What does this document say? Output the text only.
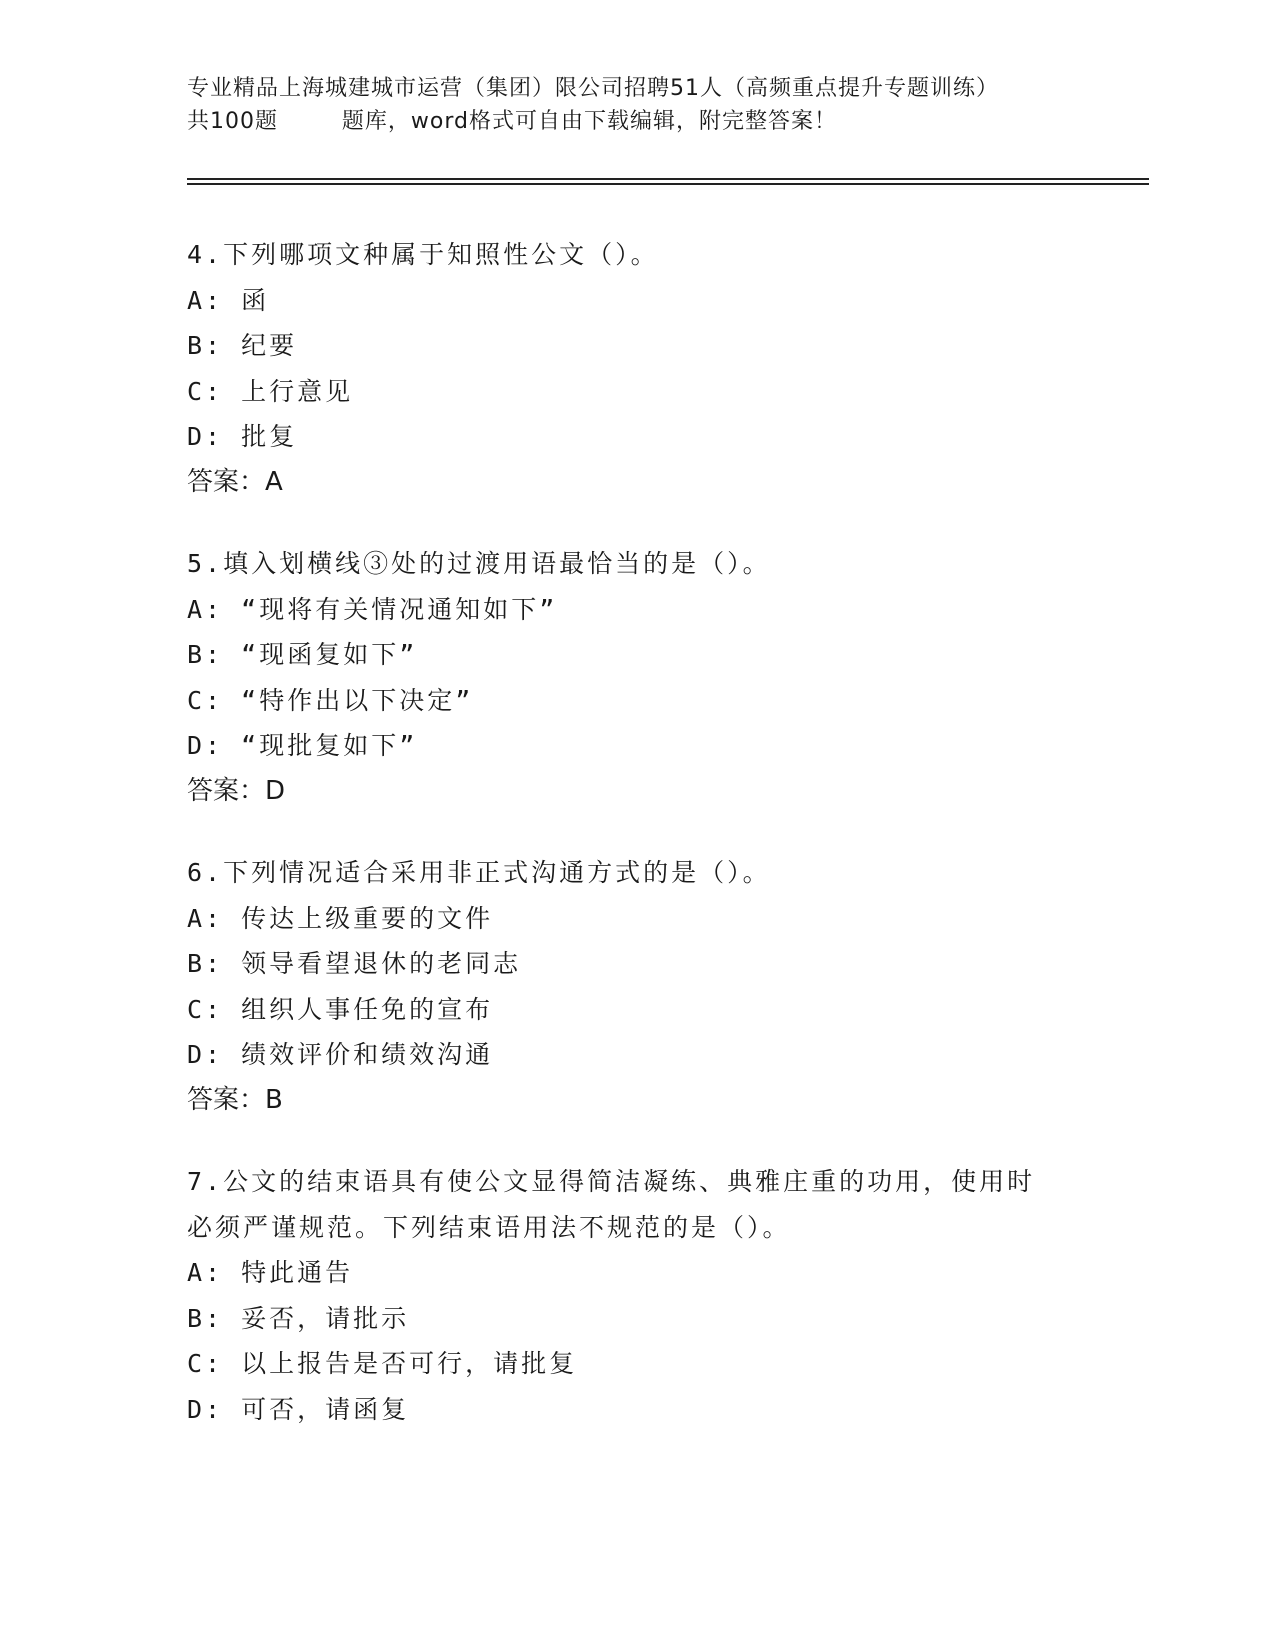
专业精品上海城建城市运营（集团）限公司招聘51人（高频重点提升专题训练）
共100题        题库，word格式可自由下载编辑，附完整答案！
4.下列哪项文种属于知照性公文（）。
A: 函
B: 纪要
C: 上行意见
D: 批复
答案：A
5.填入划横线③处的过渡用语最恰当的是（）。
A: “现将有关情况通知如下”
B: “现函复如下”
C: “特作出以下决定”
D: “现批复如下”
答案：D
6.下列情况适合采用非正式沟通方式的是（）。
A: 传达上级重要的文件
B: 领导看望退休的老同志
C: 组织人事任免的宣布
D: 绩效评价和绩效沟通
答案：B
7.公文的结束语具有使公文显得简洁凝练、典雅庄重的功用，使用时
必须严谨规范。下列结束语用法不规范的是（）。
A: 特此通告
B: 妥否，请批示
C: 以上报告是否可行，请批复
D: 可否，请函复
